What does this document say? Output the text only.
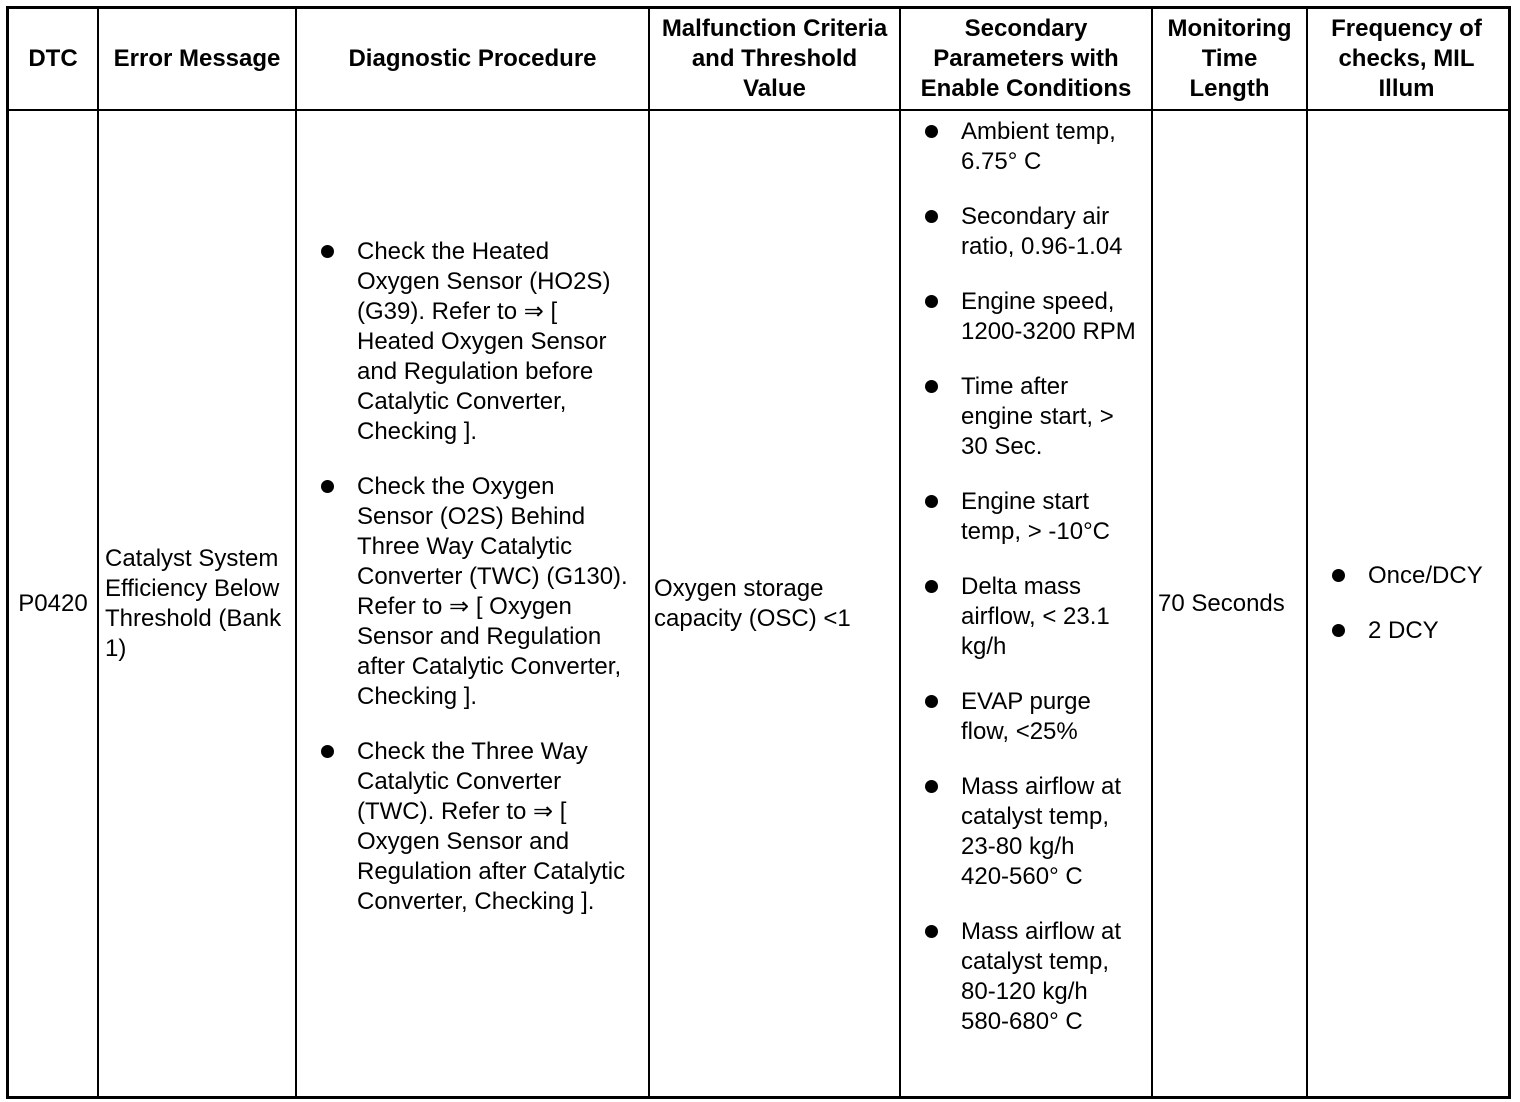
DTC	Error Message	Diagnostic Procedure
Malfunction Criteria
and Threshold
Value
Secondary
Parameters with
Enable Conditions
Monitoring
Time
Length
Frequency of
checks, MIL
Illum
P0420
Catalyst System
Efficiency Below
Threshold (Bank
1)
Check the Heated
Oxygen Sensor (HO2S)
(G39). Refer to ⇒ [
Heated Oxygen Sensor
and Regulation before
Catalytic Converter,
Checking ].
Check the Oxygen
Sensor (O2S) Behind
Three Way Catalytic
Converter (TWC) (G130).
Refer to ⇒ [ Oxygen
Sensor and Regulation
after Catalytic Converter,
Checking ].
Check the Three Way
Catalytic Converter
(TWC). Refer to ⇒ [
Oxygen Sensor and
Regulation after Catalytic
Converter, Checking ].
Oxygen storage
capacity (OSC) <1
Ambient temp,
6.75° C
Secondary air
ratio, 0.96-1.04
Engine speed,
1200-3200 RPM
Time after
engine start, >
30 Sec.
Engine start
temp, > -10°C
Delta mass
airflow, < 23.1
kg/h
EVAP purge
flow, <25%
Mass airflow at
catalyst temp,
23-80 kg/h
420-560° C
Mass airflow at
catalyst temp,
80-120 kg/h
580-680° C
70 Seconds
Once/DCY
2 DCY
